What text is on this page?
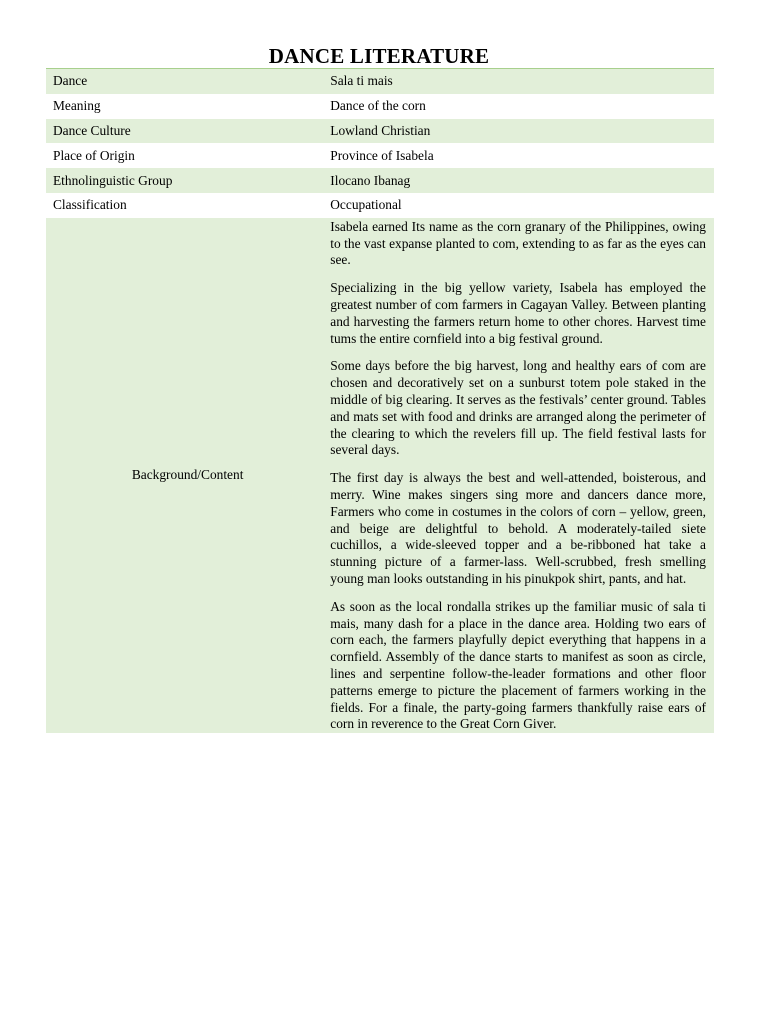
DANCE LITERATURE
Dance	Sala ti mais
Meaning	Dance of the corn
Dance Culture	Lowland Christian
Place of Origin	Province of Isabela
Ethnolinguistic Group	Ilocano Ibanag
Classification	Occupational
Background/Content	Isabela earned Its name as the corn granary of the Philippines, owing to the vast expanse planted to com, extending to as far as the eyes can see.

Specializing in the big yellow variety, Isabela has employed the greatest number of com farmers in Cagayan Valley. Between planting and harvesting the farmers return home to other chores. Harvest time tums the entire cornfield into a big festival ground.

Some days before the big harvest, long and healthy ears of com are chosen and decoratively set on a sunburst totem pole staked in the middle of big clearing. It serves as the festivals’ center ground. Tables and mats set with food and drinks are arranged along the perimeter of the clearing to which the revelers fill up. The field festival lasts for several days.

The first day is always the best and well-attended, boisterous, and merry. Wine makes singers sing more and dancers dance more, Farmers who come in costumes in the colors of corn – yellow, green, and beige are delightful to behold. A moderately-tailed siete cuchillos, a wide-sleeved topper and a be-ribboned hat take a stunning picture of a farmer-lass. Well-scrubbed, fresh smelling young man looks outstanding in his pinukpok shirt, pants, and hat.

As soon as the local rondalla strikes up the familiar music of sala ti mais, many dash for a place in the dance area. Holding two ears of corn each, the farmers playfully depict everything that happens in a cornfield. Assembly of the dance starts to manifest as soon as circle, lines and serpentine follow-the-leader formations and other floor patterns emerge to picture the placement of farmers working in the fields. For a finale, the party-going farmers thankfully raise ears of corn in reverence to the Great Corn Giver.
